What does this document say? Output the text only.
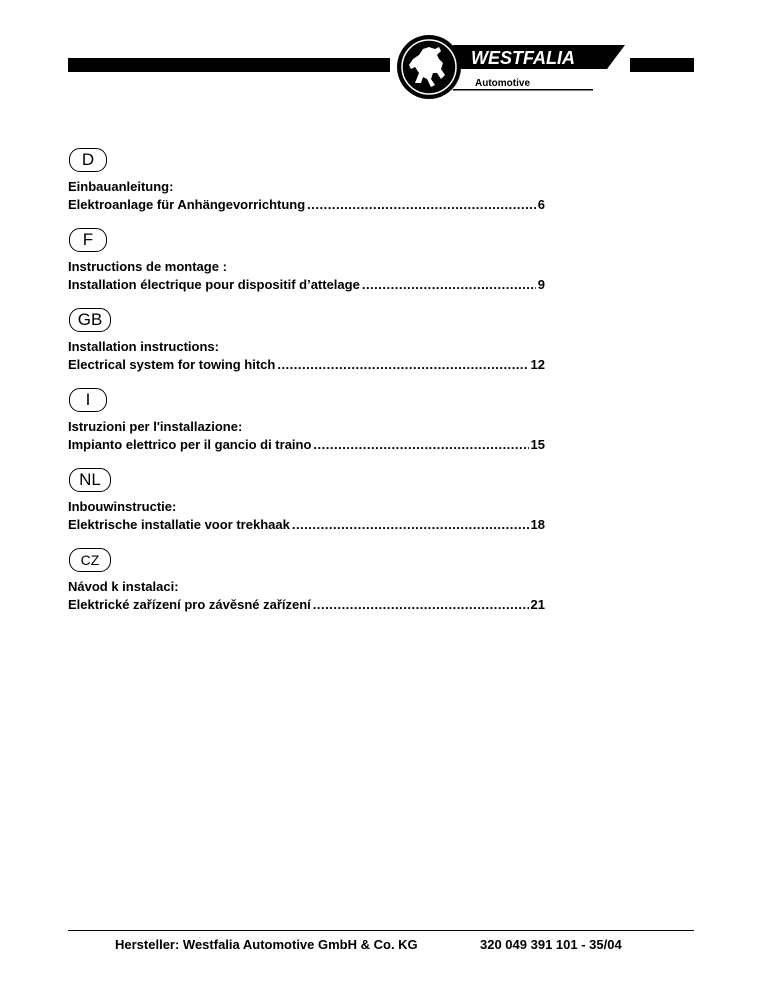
WESTFALIA
Automotive
D
Einbauanleitung:
Elektroanlage für Anhängevorrichtung .....	6
F
Instructions de montage :
Installation électrique pour dispositif d’attelage .....	9
GB
Installation instructions:
Electrical system for towing hitch .....	12
I
Istruzioni per l'installazione:
Impianto elettrico per il gancio di traino .....	15
NL
Inbouwinstructie:
Elektrische installatie voor trekhaak .....	18
CZ
Návod k instalaci:
Elektrické zařízení pro závěsné zařízení .....	21
Hersteller: Westfalia Automotive GmbH & Co. KG	320 049 391 101 - 35/04
